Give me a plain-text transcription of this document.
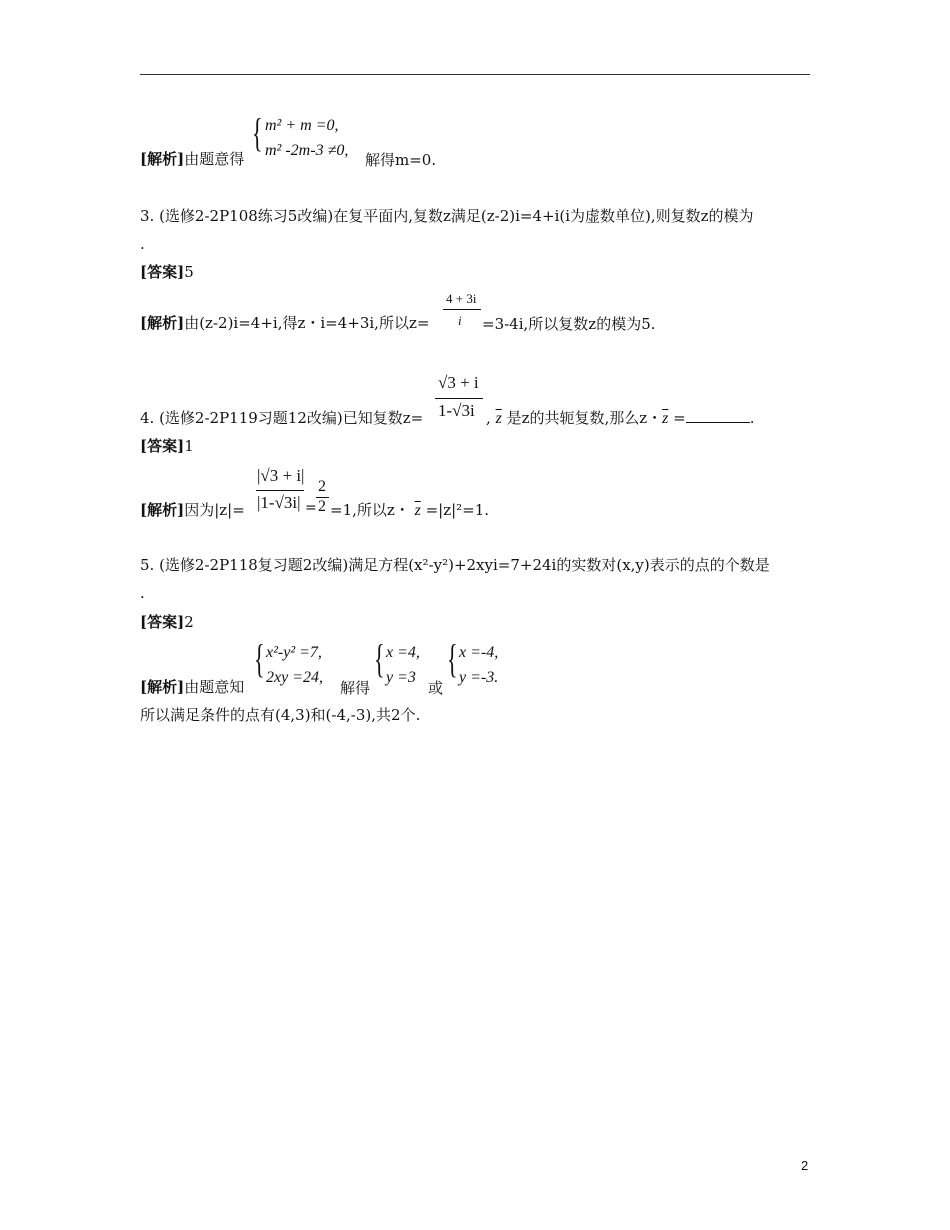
{ m² + m =0,
m² -2m-3 ≠0,
[解析]由题意得	解得m=0.
3. (选修2-2P108练习5改编)在复平面内,复数z满足(z-2)i=4+i(i为虚数单位),则复数z的模为
.
[答案]5
[解析]由(z-2)i=4+i,得z・i=4+3i,所以z=
4 + 3i
i =3-4i,所以复数z的模为5.
√3 + i
1-√3i
4. (选修2-2P119习题12改编)已知复数z=	, $\overline{z}$ 是z的共轭复数,那么z・$\overline{z}$ =	.
[答案]1
|√3 + i|
|1-√3i|
2
2
[解析]因为|z|=	= =1,所以z・ $\overline{z} =|z|^2=1$.
5. (选修2-2P118复习题2改编)满足方程(x²-y²)+2xyi=7+24i的实数对(x,y)表示的点的个数是
.
[答案]2
{ x²-y² =7,
2xy =24,
[解析]由题意知	解得
{ x =4,
y =3
或
{ x =-4,
y =-3.
所以满足条件的点有(4,3)和(-4,-3),共2个.
2
